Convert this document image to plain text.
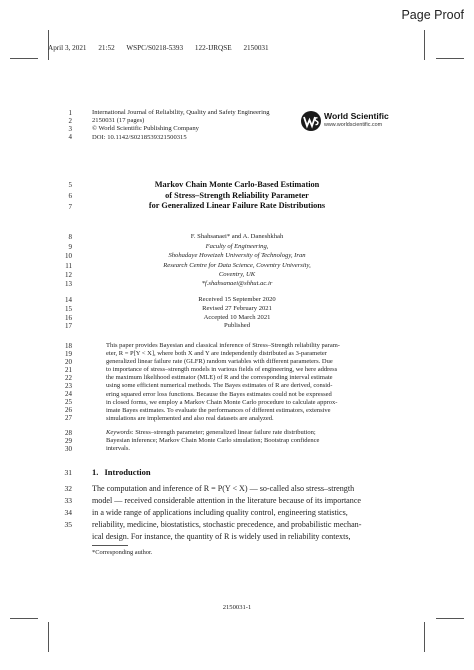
Page Proof
April 3, 2021 21:52 WSPC/S0218-5393 122-IJRQSE 2150031
1
2
3
4
International Journal of Reliability, Quality and Safety Engineering
2150031 (17 pages)
© World Scientific Publishing Company
DOI: 10.1142/S0218539321500315
World Scientific
www.worldscientific.com
5
6
7
Markov Chain Monte Carlo-Based Estimation
of Stress–Strength Reliability Parameter
for Generalized Linear Failure Rate Distributions
8
9
10
11
12
13
F. Shahsanaei* and A. Daneshkhah
Faculty of Engineering,
Shohadaye Hoveizeh University of Technology, Iran
Research Centre for Data Science, Coventry University,
Coventry, UK
*f.shahsanaei@shhut.ac.ir
14
15
16
17
Received 15 September 2020
Revised 27 February 2021
Accepted 10 March 2021
Published
18
19
20
21
22
23
24
25
26
27
This paper provides Bayesian and classical inference of Stress–Strength reliability param-
eter, R = P[Y < X], where both X and Y are independently distributed as 3-parameter
generalized linear failure rate (GLFR) random variables with different parameters. Due
to importance of stress–strength models in various fields of engineering, we here address
the maximum likelihood estimator (MLE) of R and the corresponding interval estimate
using some efficient numerical methods. The Bayes estimates of R are derived, consid-
ering squared error loss functions. Because the Bayes estimates could not be expressed
in closed forms, we employ a Markov Chain Monte Carlo procedure to calculate approx-
imate Bayes estimates. To evaluate the performances of different estimators, extensive
simulations are implemented and also real datasets are analyzed.
28
29
30
Keywords: Stress–strength parameter; generalized linear failure rate distribution;
Bayesian inference; Markov Chain Monte Carlo simulation; Bootstrap confidence
intervals.
31 1. Introduction
32
33
34
35
The computation and inference of R = P(Y < X) — so-called also stress–strength
model — received considerable attention in the literature because of its importance
in a wide range of applications including quality control, engineering statistics,
reliability, medicine, biostatistics, stochastic precedence, and probabilistic mechan-
ical design. For instance, the quantity of R is widely used in reliability contexts,
*Corresponding author.
2150031-1
